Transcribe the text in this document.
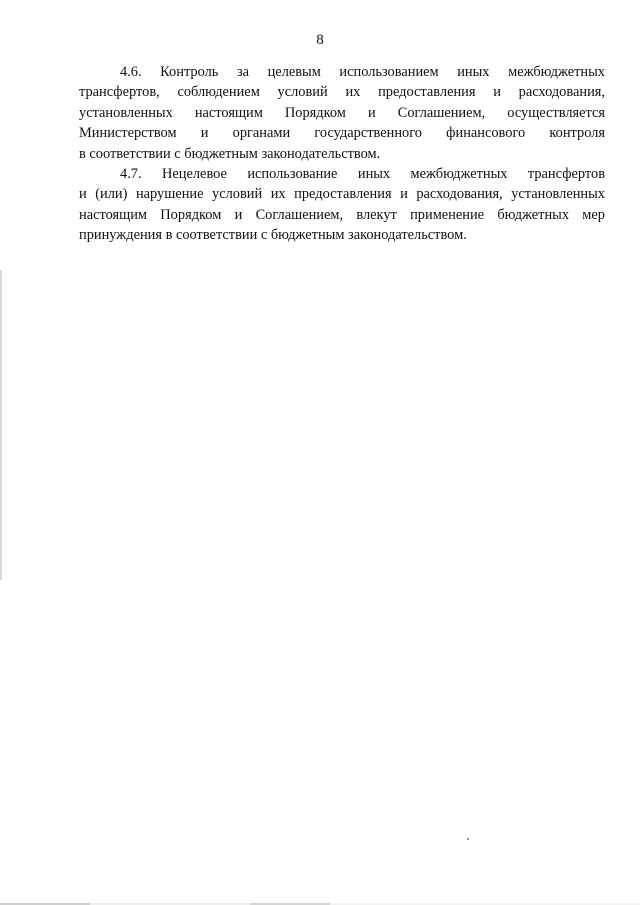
8
4.6. Контроль за целевым использованием иных межбюджетных
трансфертов, соблюдением условий их предоставления и расходования,
установленных настоящим Порядком и Соглашением, осуществляется
Министерством и органами государственного финансового контроля
в соответствии с бюджетным законодательством.
4.7. Нецелевое использование иных межбюджетных трансфертов
и (или) нарушение условий их предоставления и расходования, установленных
настоящим Порядком и Соглашением, влекут применение бюджетных мер
принуждения в соответствии с бюджетным законодательством.
